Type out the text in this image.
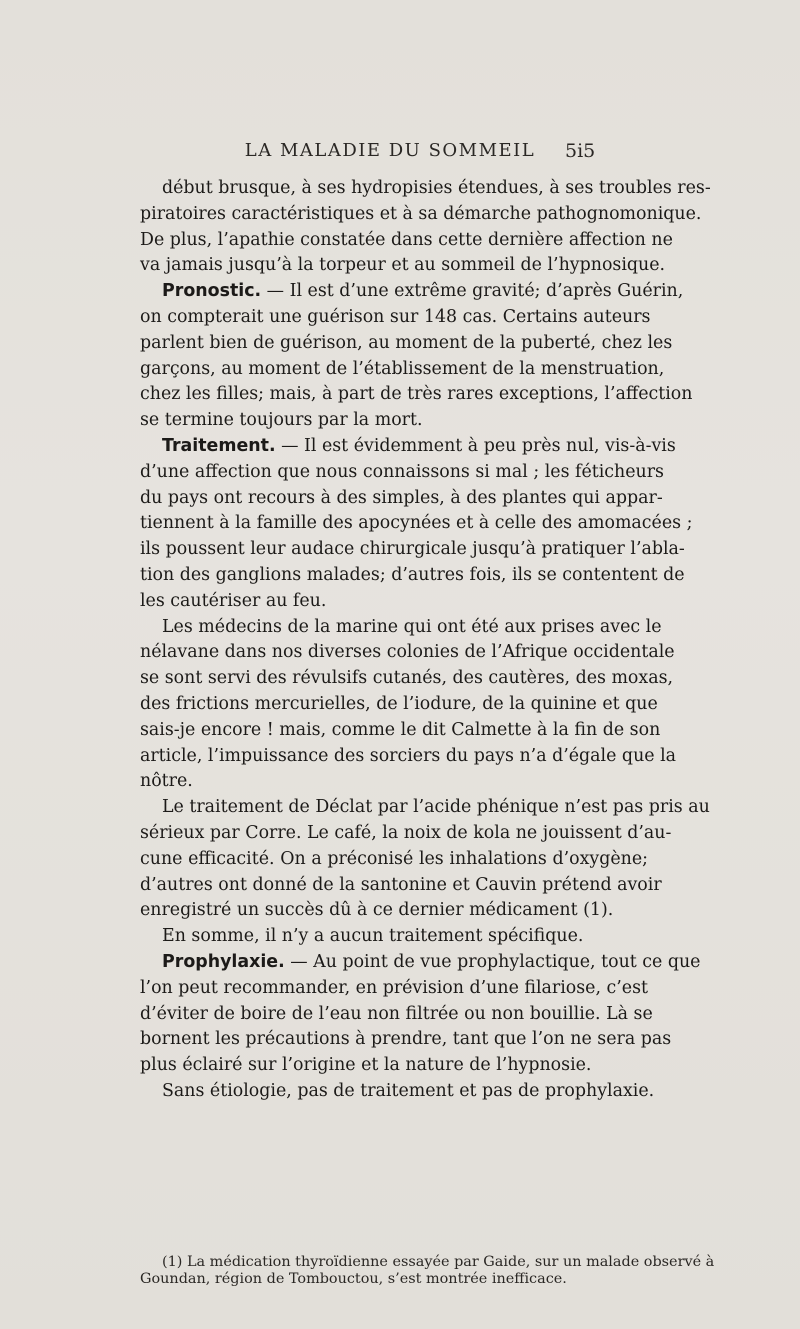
LA MALADIE DU SOMMEIL	5i5
début brusque, à ses hydropisies étendues, à ses troubles res-
piratoires caractéristiques et à sa démarche pathognomonique.
De plus, l’apathie constatée dans cette dernière affection ne
va jamais jusqu’à la torpeur et au sommeil de l’hypnosique.
Pronostic. — Il est d’une extrême gravité; d’après Guérin,
on compterait une guérison sur 148 cas. Certains auteurs
parlent bien de guérison, au moment de la puberté, chez les
garçons, au moment de l’établissement de la menstruation,
chez les filles; mais, à part de très rares exceptions, l’affection
se termine toujours par la mort.
Traitement. — Il est évidemment à peu près nul, vis-à-vis
d’une affection que nous connaissons si mal ; les féticheurs
du pays ont recours à des simples, à des plantes qui appar-
tiennent à la famille des apocynées et à celle des amomacées ;
ils poussent leur audace chirurgicale jusqu’à pratiquer l’abla-
tion des ganglions malades; d’autres fois, ils se contentent de
les cautériser au feu.
Les médecins de la marine qui ont été aux prises avec le
nélavane dans nos diverses colonies de l’Afrique occidentale
se sont servi des révulsifs cutanés, des cautères, des moxas,
des frictions mercurielles, de l’iodure, de la quinine et que
sais-je encore ! mais, comme le dit Calmette à la fin de son
article, l’impuissance des sorciers du pays n’a d’égale que la
nôtre.
Le traitement de Déclat par l’acide phénique n’est pas pris au
sérieux par Corre. Le café, la noix de kola ne jouissent d’au-
cune efficacité. On a préconisé les inhalations d’oxygène;
d’autres ont donné de la santonine et Cauvin prétend avoir
enregistré un succès dû à ce dernier médicament (1).
En somme, il n’y a aucun traitement spécifique.
Prophylaxie. — Au point de vue prophylactique, tout ce que
l’on peut recommander, en prévision d’une filariose, c’est
d’éviter de boire de l’eau non filtrée ou non bouillie. Là se
bornent les précautions à prendre, tant que l’on ne sera pas
plus éclairé sur l’origine et la nature de l’hypnosie.
Sans étiologie, pas de traitement et pas de prophylaxie.
(1) La médication thyroïdienne essayée par Gaide, sur un malade observé à
Goundan, région de Tombouctou, s’est montrée inefficace.
